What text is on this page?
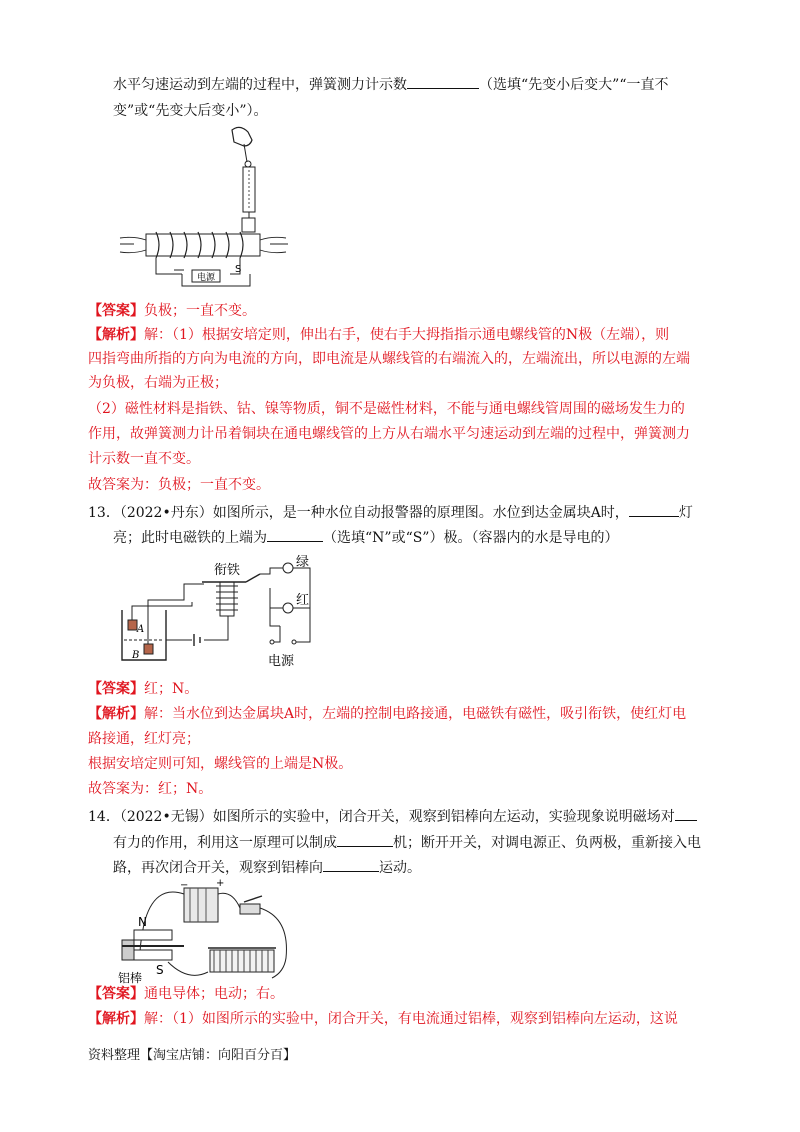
水平匀速运动到左端的过程中，弹簧测力计示数	（选填“先变小后变大”“一直不
变”或“先变大后变小”）。
电源
S
【答案】负极；一直不变。
【解析】解：（1）根据安培定则，伸出右手，使右手大拇指指示通电螺线管的N极（左端），则
四指弯曲所指的方向为电流的方向，即电流是从螺线管的右端流入的，左端流出，所以电源的左端
为负极，右端为正极；
（2）磁性材料是指铁、钴、镍等物质，铜不是磁性材料，不能与通电螺线管周围的磁场发生力的
作用，故弹簧测力计吊着铜块在通电螺线管的上方从右端水平匀速运动到左端的过程中，弹簧测力
计示数一直不变。
故答案为：负极；一直不变。
13．（2022•丹东）如图所示，是一种水位自动报警器的原理图。水位到达金属块A时，	灯
亮；此时电磁铁的上端为	（选填“N”或“S”）极。（容器内的水是导电的）
A
B
衔铁
绿
红
电源
【答案】红；N。
【解析】解：当水位到达金属块A时，左端的控制电路接通，电磁铁有磁性，吸引衔铁，使红灯电
路接通，红灯亮；
根据安培定则可知，螺线管的上端是N极。
故答案为：红；N。
14．（2022•无锡）如图所示的实验中，闭合开关，观察到铝棒向左运动，实验现象说明磁场对
有力的作用，利用这一原理可以制成	机；断开开关，对调电源正、负两极，重新接入电
路，再次闭合开关，观察到铝棒向	运动。
−	+
N
S
铝棒
【答案】通电导体；电动；右。
【解析】解：（1）如图所示的实验中，闭合开关，有电流通过铝棒，观察到铝棒向左运动，这说
资料整理【淘宝店铺：向阳百分百】
